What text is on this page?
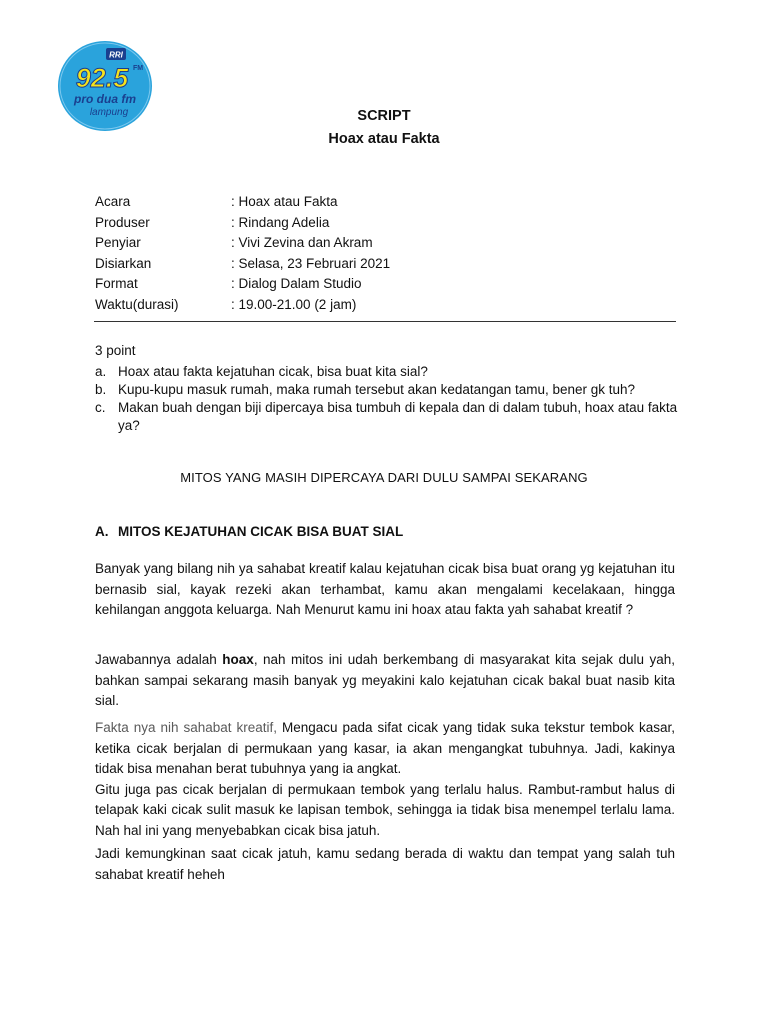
RRI
92.5 FM
pro dua fm
lampung	SCRIPT
Hoax atau Fakta
Acara	: Hoax atau Fakta
Produser	: Rindang Adelia
Penyiar	: Vivi Zevina dan Akram
Disiarkan	: Selasa, 23 Februari 2021
Format	: Dialog Dalam Studio
Waktu(durasi)	: 19.00-21.00 (2 jam)
3 point
a. Hoax atau fakta kejatuhan cicak, bisa buat kita sial?
b. Kupu-kupu masuk rumah, maka rumah tersebut akan kedatangan tamu, bener gk tuh?
c. Makan buah dengan biji dipercaya bisa tumbuh di kepala dan di dalam tubuh, hoax atau fakta ya?
MITOS YANG MASIH DIPERCAYA DARI DULU SAMPAI SEKARANG
A. MITOS KEJATUHAN CICAK BISA BUAT SIAL
Banyak yang bilang nih ya sahabat kreatif kalau kejatuhan cicak bisa buat orang yg kejatuhan itu bernasib sial, kayak rezeki akan terhambat, kamu akan mengalami kecelakaan, hingga kehilangan anggota keluarga. Nah Menurut kamu ini hoax atau fakta yah sahabat kreatif ?
Jawabannya adalah hoax, nah mitos ini udah berkembang di masyarakat kita sejak dulu yah, bahkan sampai sekarang masih banyak yg meyakini kalo kejatuhan cicak bakal buat nasib kita sial.
Fakta nya nih sahabat kreatif, Mengacu pada sifat cicak yang tidak suka tekstur tembok kasar, ketika cicak berjalan di permukaan yang kasar, ia akan mengangkat tubuhnya. Jadi, kakinya tidak bisa menahan berat tubuhnya yang ia angkat.
Gitu juga pas cicak berjalan di permukaan tembok yang terlalu halus. Rambut-rambut halus di telapak kaki cicak sulit masuk ke lapisan tembok, sehingga ia tidak bisa menempel terlalu lama. Nah hal ini yang menyebabkan cicak bisa jatuh.
Jadi kemungkinan saat cicak jatuh, kamu sedang berada di waktu dan tempat yang salah tuh sahabat kreatif heheh
